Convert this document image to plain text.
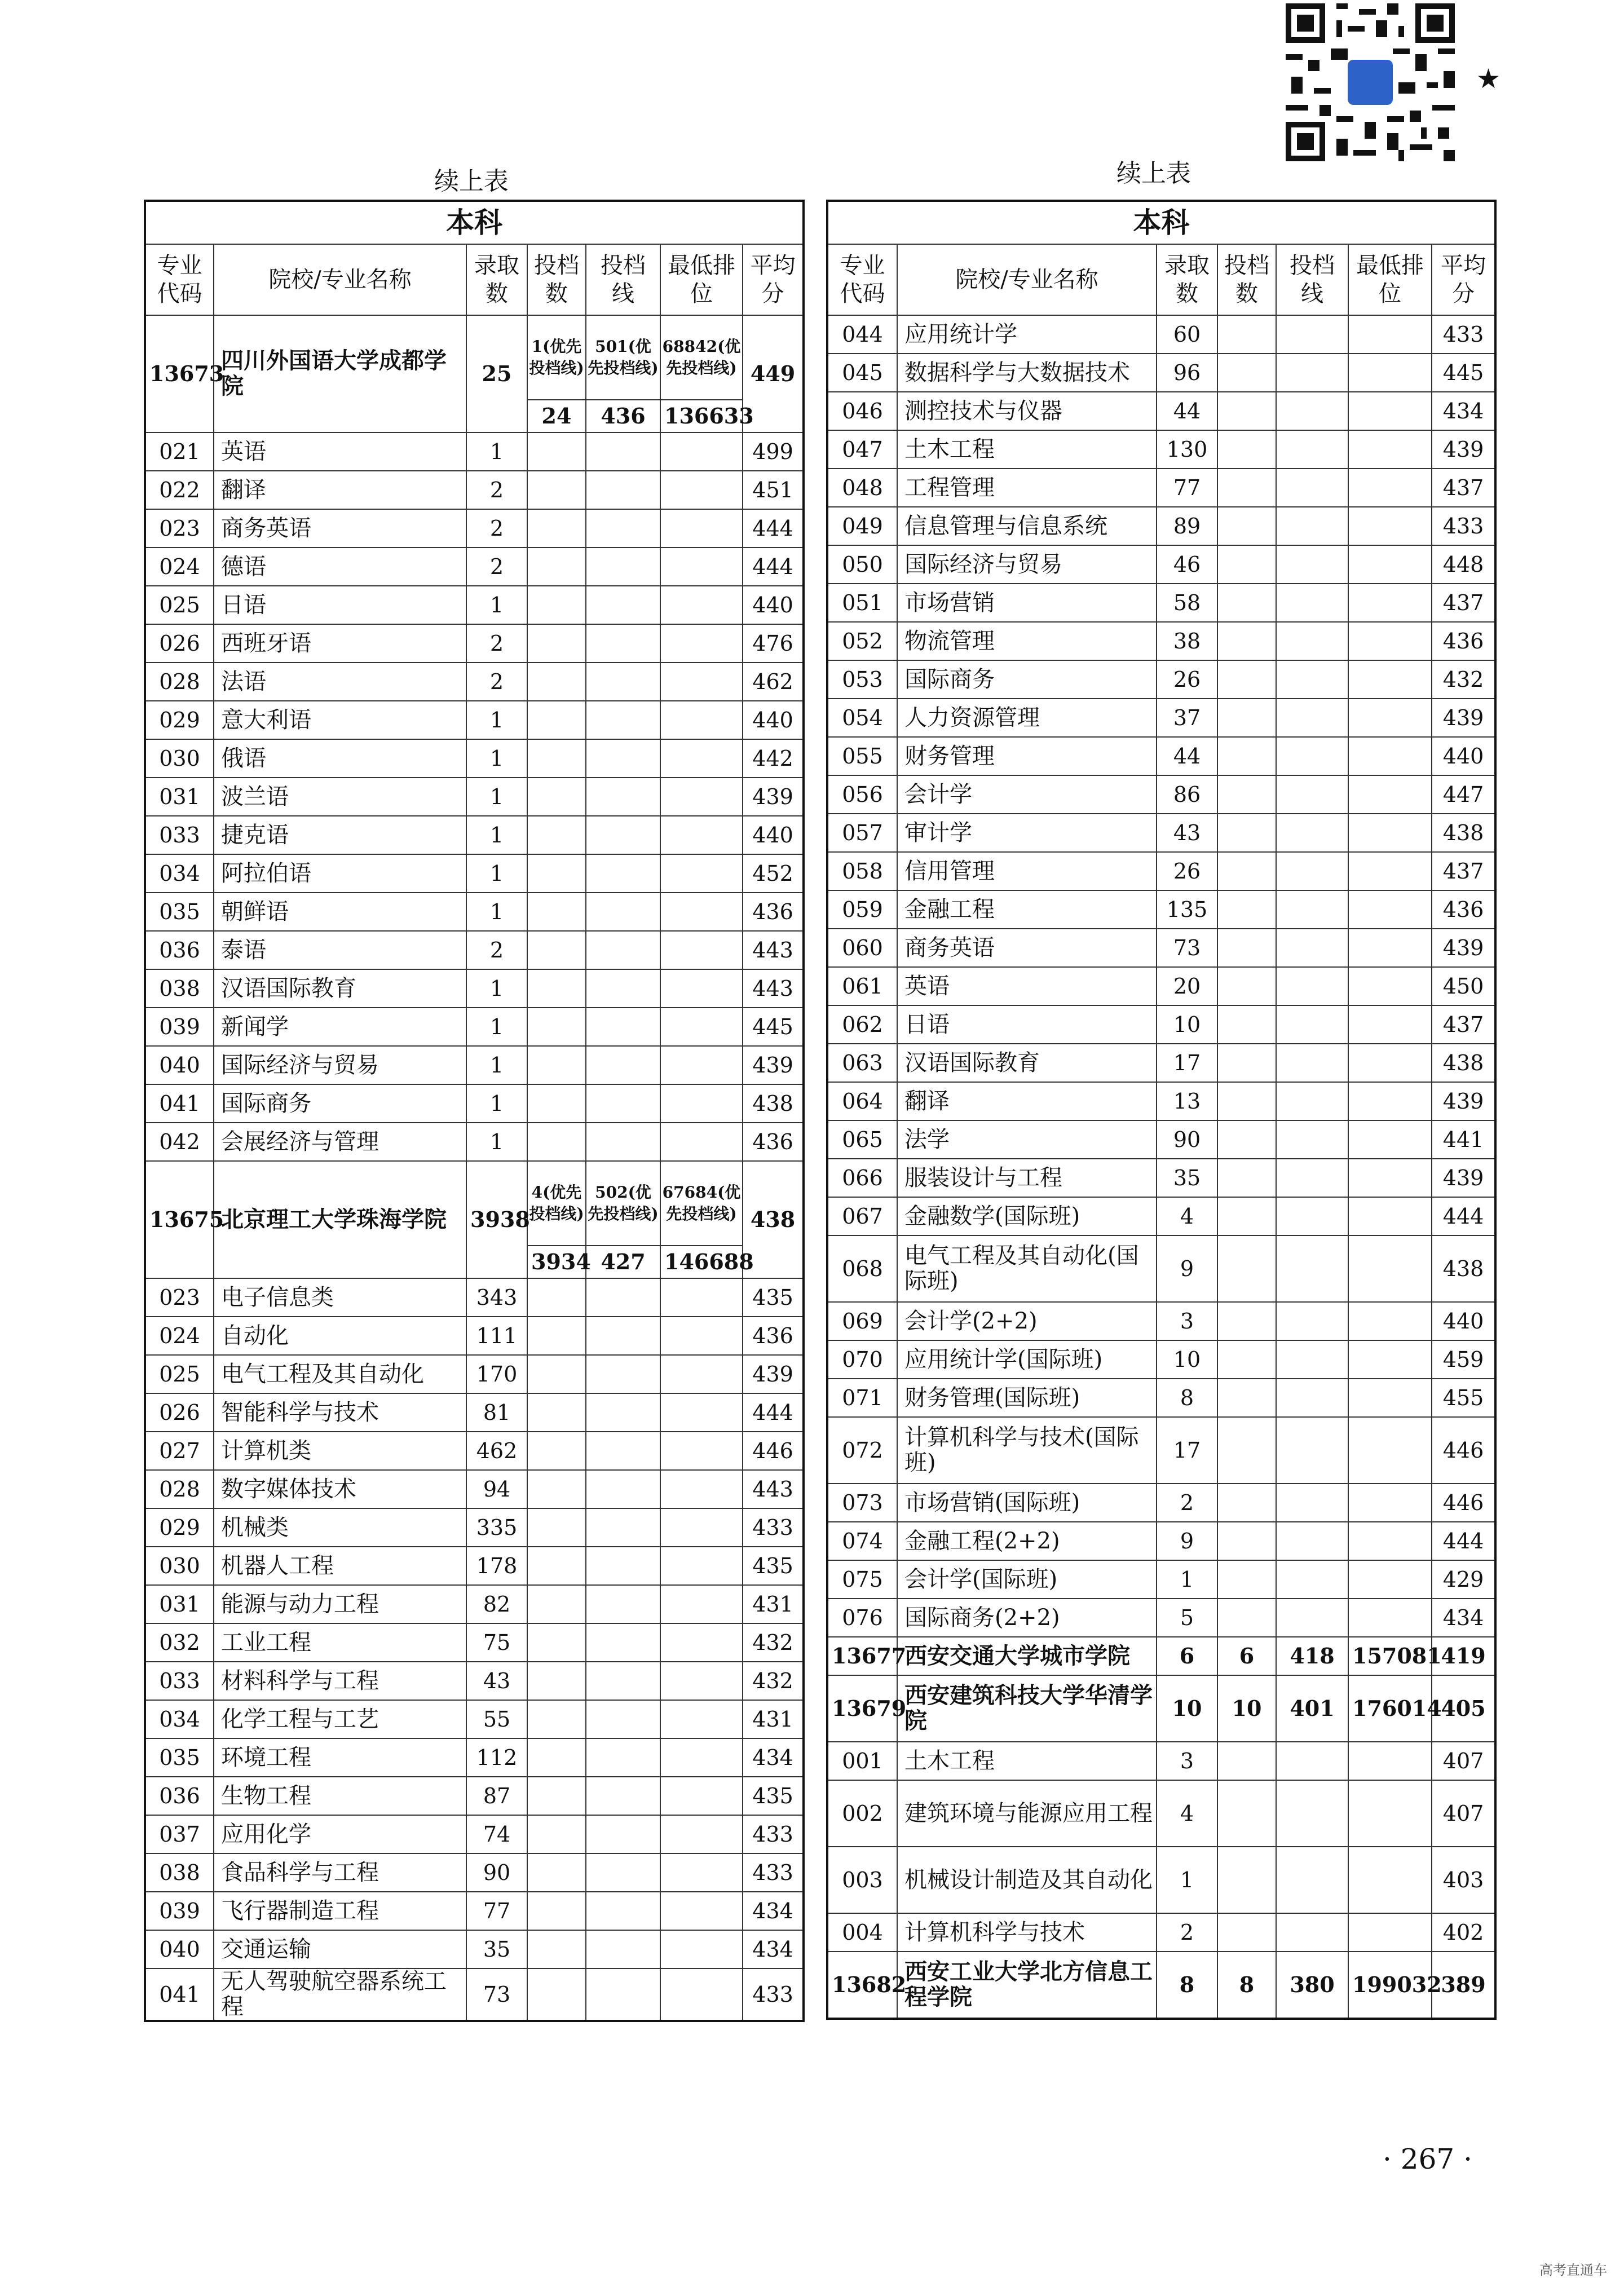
★
续上表	续上表
本科						
专业代码	院校/专业名称	录取数	投档数	投档线	最低排位	平均分
13673	四川外国语大学成都学院	25	1(优先投档线)	501(优先投档线)	68842(优先投档线)	449
			24	436	136633	
021	英语	1				499
022	翻译	2				451
023	商务英语	2				444
024	德语	2				444
025	日语	1				440
026	西班牙语	2				476
028	法语	2				462
029	意大利语	1				440
030	俄语	1				442
031	波兰语	1				439
033	捷克语	1				440
034	阿拉伯语	1				452
035	朝鲜语	1				436
036	泰语	2				443
038	汉语国际教育	1				443
039	新闻学	1				445
040	国际经济与贸易	1				439
041	国际商务	1				438
042	会展经济与管理	1				436
13675	北京理工大学珠海学院	3938	4(优先投档线)	502(优先投档线)	67684(优先投档线)	438
			3934	427	146688	
023	电子信息类	343				435
024	自动化	111				436
025	电气工程及其自动化	170				439
026	智能科学与技术	81				444
027	计算机类	462				446
028	数字媒体技术	94				443
029	机械类	335				433
030	机器人工程	178				435
031	能源与动力工程	82				431
032	工业工程	75				432
033	材料科学与工程	43				432
034	化学工程与工艺	55				431
035	环境工程	112				434
036	生物工程	87				435
037	应用化学	74				433
038	食品科学与工程	90				433
039	飞行器制造工程	77				434
040	交通运输	35				434
041	无人驾驶航空器系统工程	73				433
本科						
专业代码	院校/专业名称	录取数	投档数	投档线	最低排位	平均分
044	应用统计学	60				433
045	数据科学与大数据技术	96				445
046	测控技术与仪器	44				434
047	土木工程	130				439
048	工程管理	77				437
049	信息管理与信息系统	89				433
050	国际经济与贸易	46				448
051	市场营销	58				437
052	物流管理	38				436
053	国际商务	26				432
054	人力资源管理	37				439
055	财务管理	44				440
056	会计学	86				447
057	审计学	43				438
058	信用管理	26				437
059	金融工程	135				436
060	商务英语	73				439
061	英语	20				450
062	日语	10				437
063	汉语国际教育	17				438
064	翻译	13				439
065	法学	90				441
066	服装设计与工程	35				439
067	金融数学(国际班)	4				444
068	电气工程及其自动化(国际班)	9				438
069	会计学(2+2)	3				440
070	应用统计学(国际班)	10				459
071	财务管理(国际班)	8				455
072	计算机科学与技术(国际班)	17				446
073	市场营销(国际班)	2				446
074	金融工程(2+2)	9				444
075	会计学(国际班)	1				429
076	国际商务(2+2)	5				434
13677	西安交通大学城市学院	6	6	418	157081	419
13679	西安建筑科技大学华清学院	10	10	401	176014	405
001	土木工程	3				407
002	建筑环境与能源应用工程	4				407
003	机械设计制造及其自动化	1				403
004	计算机科学与技术	2				402
13682	西安工业大学北方信息工程学院	8	8	380	199032	389
· 267 ·
高考直通车
